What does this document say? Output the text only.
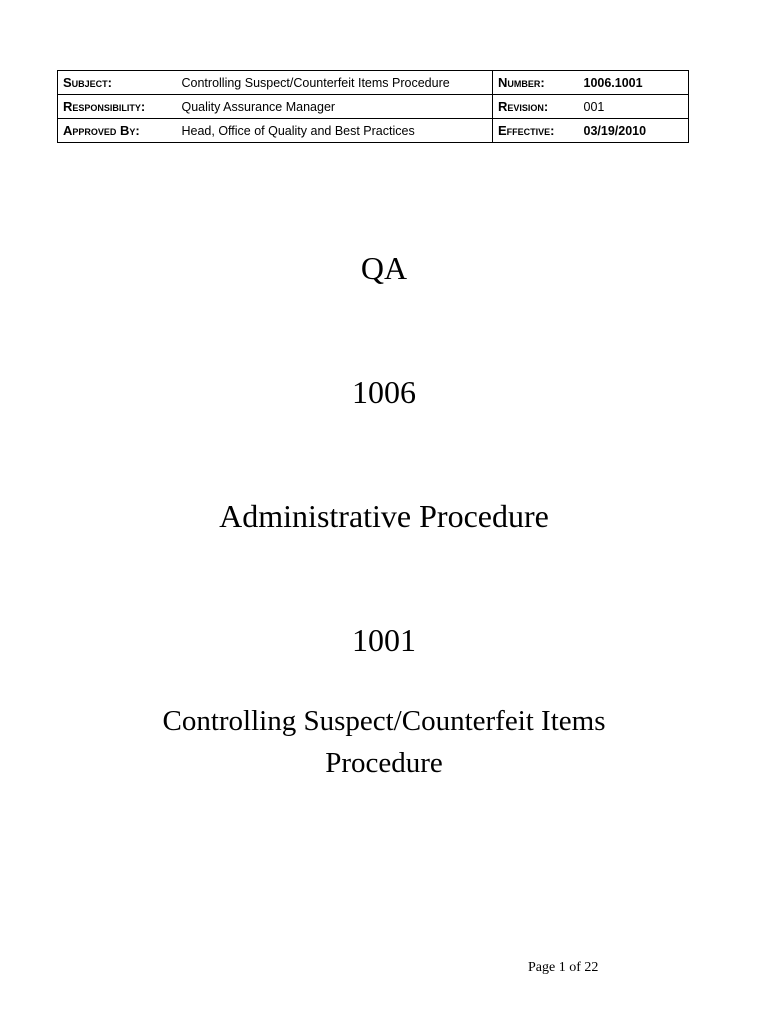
Subject:	Controlling Suspect/Counterfeit Items Procedure	Number:	1006.1001
Responsibility:	Quality Assurance Manager	Revision:	001
Approved By:	Head, Office of Quality and Best Practices	Effective:	03/19/2010
QA
1006
Administrative Procedure
1001
Controlling Suspect/Counterfeit Items
Procedure
Page 1 of 22
